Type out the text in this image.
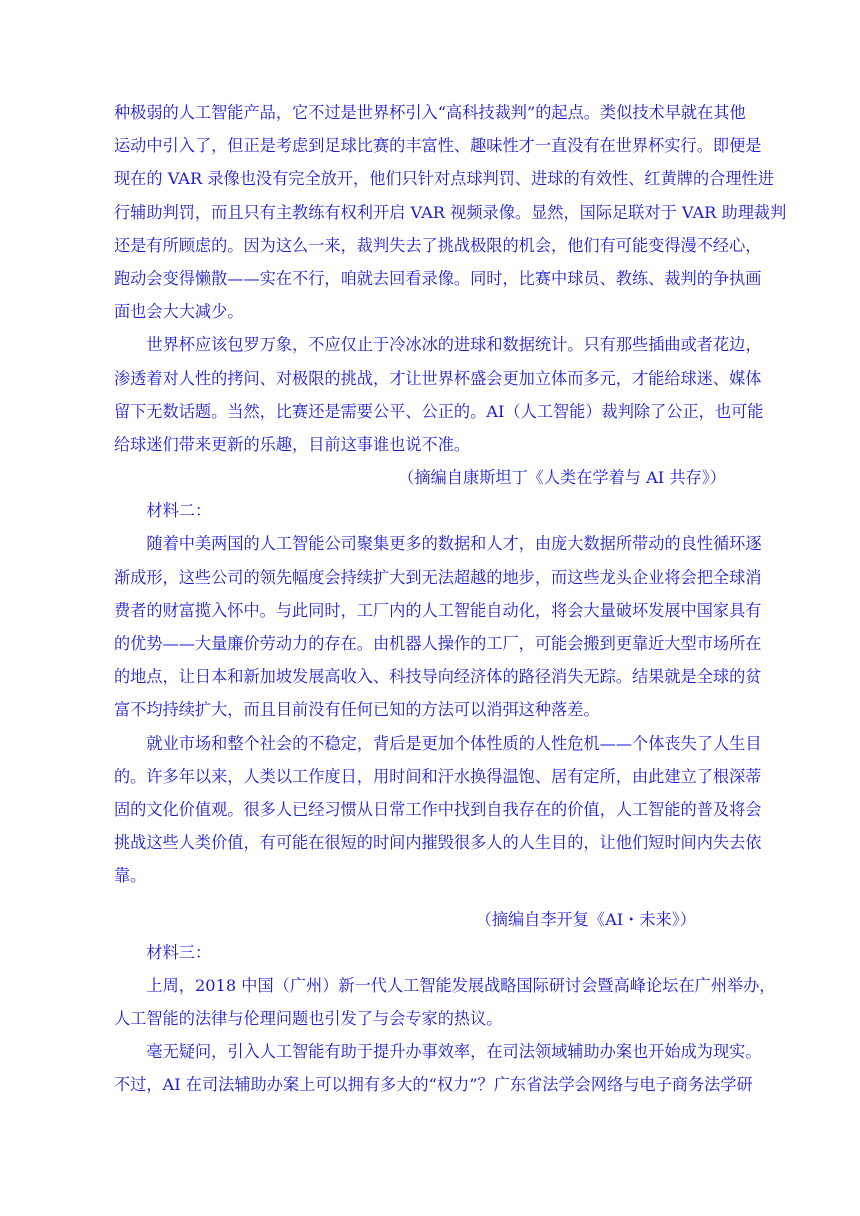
种极弱的人工智能产品，它不过是世界杯引入“高科技裁判”的起点。类似技术早就在其他
运动中引入了，但正是考虑到足球比赛的丰富性、趣味性才一直没有在世界杯实行。即便是
现在的 VAR 录像也没有完全放开，他们只针对点球判罚、进球的有效性、红黄牌的合理性进
行辅助判罚，而且只有主教练有权利开启 VAR 视频录像。显然，国际足联对于 VAR 助理裁判
还是有所顾虑的。因为这么一来，裁判失去了挑战极限的机会，他们有可能变得漫不经心，
跑动会变得懒散——实在不行，咱就去回看录像。同时，比赛中球员、教练、裁判的争执画
面也会大大减少。
世界杯应该包罗万象，不应仅止于冷冰冰的进球和数据统计。只有那些插曲或者花边，
渗透着对人性的拷问、对极限的挑战，才让世界杯盛会更加立体而多元，才能给球迷、媒体
留下无数话题。当然，比赛还是需要公平、公正的。AI（人工智能）裁判除了公正，也可能
给球迷们带来更新的乐趣，目前这事谁也说不准。
（摘编自康斯坦丁《人类在学着与 AI 共存》）
材料二：
随着中美两国的人工智能公司聚集更多的数据和人才，由庞大数据所带动的良性循环逐
渐成形，这些公司的领先幅度会持续扩大到无法超越的地步，而这些龙头企业将会把全球消
费者的财富揽入怀中。与此同时，工厂内的人工智能自动化，将会大量破坏发展中国家具有
的优势——大量廉价劳动力的存在。由机器人操作的工厂，可能会搬到更靠近大型市场所在
的地点，让日本和新加坡发展高收入、科技导向经济体的路径消失无踪。结果就是全球的贫
富不均持续扩大，而且目前没有任何已知的方法可以消弭这种落差。
就业市场和整个社会的不稳定，背后是更加个体性质的人性危机——个体丧失了人生目
的。许多年以来，人类以工作度日，用时间和汗水换得温饱、居有定所，由此建立了根深蒂
固的文化价值观。很多人已经习惯从日常工作中找到自我存在的价值，人工智能的普及将会
挑战这些人类价值，有可能在很短的时间内摧毁很多人的人生目的，让他们短时间内失去依
靠。
（摘编自李开复《AI・未来》）
材料三：
上周，2018 中国（广州）新一代人工智能发展战略国际研讨会暨高峰论坛在广州举办，
人工智能的法律与伦理问题也引发了与会专家的热议。
毫无疑问，引入人工智能有助于提升办事效率，在司法领域辅助办案也开始成为现实。
不过，AI 在司法辅助办案上可以拥有多大的“权力”？广东省法学会网络与电子商务法学研
